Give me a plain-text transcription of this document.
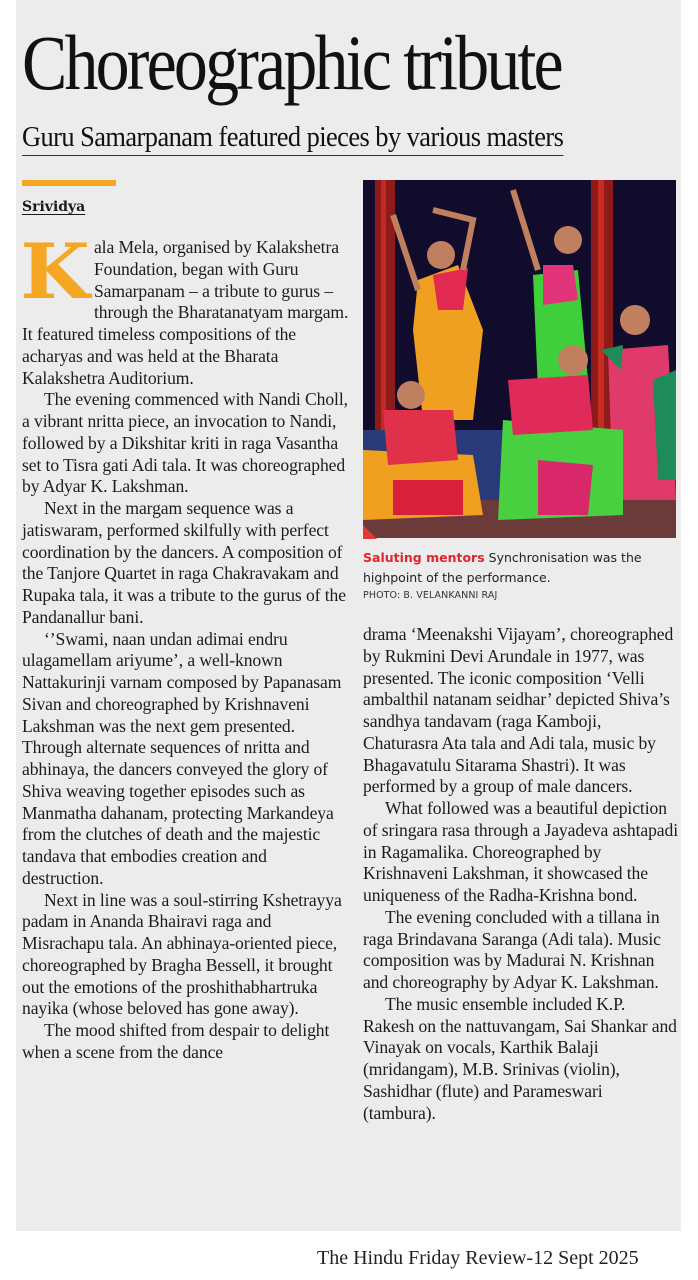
Choreographic tribute
Guru Samarpanam featured pieces by various masters
Srividya

Kala Mela, organised by Kalakshetra Foundation, began with Guru Samarpanam – a tribute to gurus – through the Bharatanatyam margam. It featured timeless compositions of the acharyas and was held at the Bharata Kalakshetra Auditorium.

The evening commenced with Nandi Choll, a vibrant nritta piece, an invocation to Nandi, followed by a Dikshitar kriti in raga Vasantha set to Tisra gati Adi tala. It was choreographed by Adyar K. Lakshman.

Next in the margam sequence was a jatiswaram, performed skilfully with perfect coordination by the dancers. A composition of the Tanjore Quartet in raga Chakravakam and Rupaka tala, it was a tribute to the gurus of the Pandanallur bani.

‘’Swami, naan undan adimai endru ulagamellam ariyume’, a well-known Nattakurinji varnam composed by Papanasam Sivan and choreographed by Krishnaveni Lakshman was the next gem presented. Through alternate sequences of nritta and abhinaya, the dancers conveyed the glory of Shiva weaving together episodes such as Manmatha dahanam, protecting Markandeya from the clutches of death and the majestic tandava that embodies creation and destruction.

Next in line was a soul-stirring Kshetrayya padam in Ananda Bhairavi raga and Misrachapu tala. An abhinaya-oriented piece, choreographed by Bragha Bessell, it brought out the emotions of the proshithabhartruka nayika (whose beloved has gone away).

The mood shifted from despair to delight when a scene from the dance

Saluting mentors Synchronisation was the highpoint of the performance.
PHOTO: B. VELANKANNI RAJ

drama ‘Meenakshi Vijayam’, choreographed by Rukmini Devi Arundale in 1977, was presented. The iconic composition ‘Velli ambalthil natanam seidhar’ depicted Shiva’s sandhya tandavam (raga Kamboji, Chaturasra Ata tala and Adi tala, music by Bhagavatulu Sitarama Shastri). It was performed by a group of male dancers.

What followed was a beautiful depiction of sringara rasa through a Jayadeva ashtapadi in Ragamalika. Choreographed by Krishnaveni Lakshman, it showcased the uniqueness of the Radha-Krishna bond.

The evening concluded with a tillana in raga Brindavana Saranga (Adi tala). Music composition was by Madurai N. Krishnan and choreography by Adyar K. Lakshman.

The music ensemble included K.P. Rakesh on the nattuvangam, Sai Shankar and Vinayak on vocals, Karthik Balaji (mridangam), M.B. Srinivas (violin), Sashidhar (flute) and Parameswari (tambura).

The Hindu Friday Review-12 Sept 2025
